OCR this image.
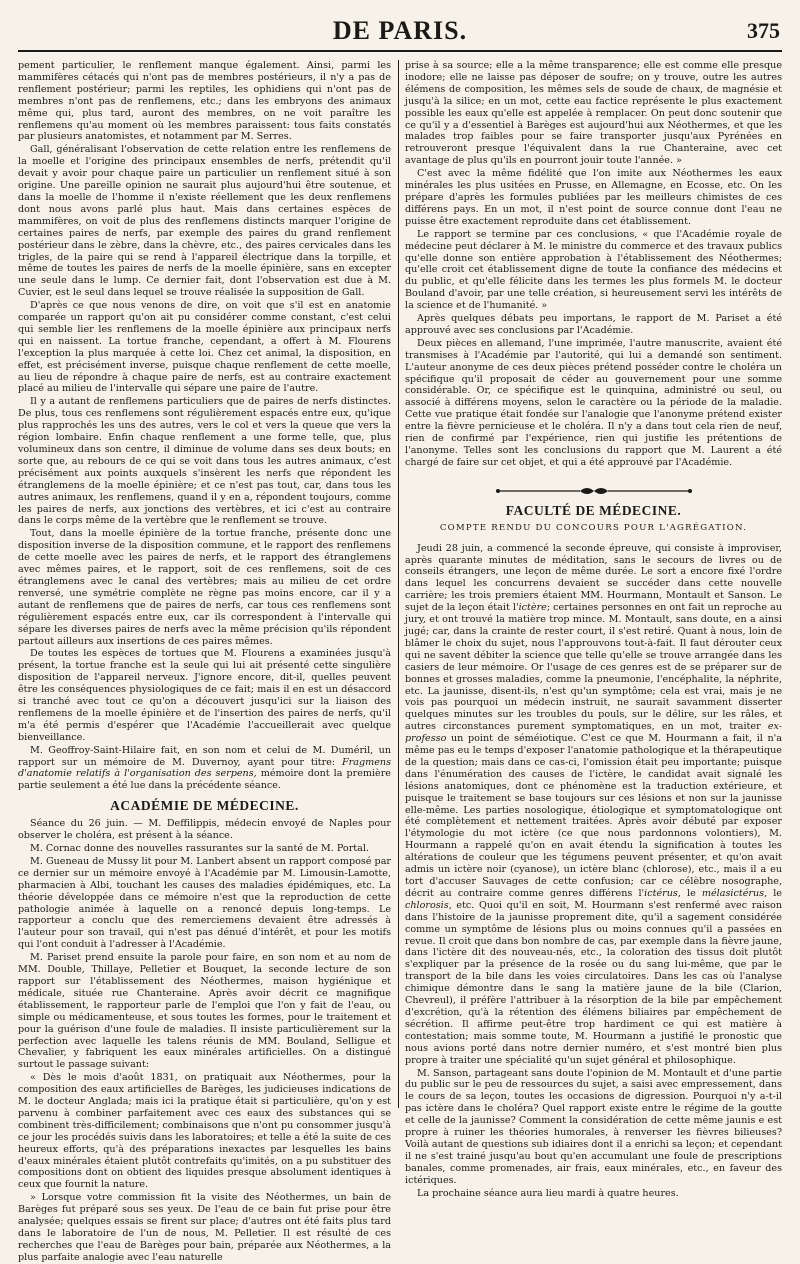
DE PARIS.	375

pement particulier, le renflement manque également. Ainsi, parmi les mammifères cétacés qui n'ont pas de membres postérieurs, il n'y a pas de renflement postérieur; parmi les reptiles, les ophidiens qui n'ont pas de membres n'ont pas de renflemens, etc.; dans les embryons des animaux même qui, plus tard, auront des membres, on ne voit paraître les renflemens qu'au moment où les membres paraissent: tous faits constatés par plusieurs anatomistes, et notamment par M. Serres.

Gall, généralisant l'observation de cette relation entre les renflemens de la moelle et l'origine des principaux ensembles de nerfs, prétendit qu'il devait y avoir pour chaque paire un particulier un renflement situé à son origine. Une pareille opinion ne saurait plus aujourd'hui être soutenue, et dans la moelle de l'homme il n'existe réellement que les deux renflemens dont nous avons parlé plus haut. Mais dans certaines espèces de mammifères, on voit de plus des renflemens distincts marquer l'origine de certaines paires de nerfs, par exemple des paires du grand renflement postérieur dans le zèbre, dans la chèvre, etc., des paires cervicales dans les trigles, de la paire qui se rend à l'appareil électrique dans la torpille, et même de toutes les paires de nerfs de la moelle épinière, sans en excepter une seule dans le lump. Ce dernier fait, dont l'observation est due à M. Cuvier, est le seul dans lequel se trouve réalisée la supposition de Gall.

D'après ce que nous venons de dire, on voit que s'il est en anatomie comparée un rapport qu'on ait pu considérer comme constant, c'est celui qui semble lier les renflemens de la moelle épinière aux principaux nerfs qui en naissent. La tortue franche, cependant, a offert à M. Flourens l'exception la plus marquée à cette loi. Chez cet animal, la disposition, en effet, est précisément inverse, puisque chaque renflement de cette moelle, au lieu de répondre à chaque paire de nerfs, est au contraire exactement placé au milieu de l'intervalle qui sépare une paire de l'autre.

Il y a autant de renflemens particuliers que de paires de nerfs distinctes. De plus, tous ces renflemens sont régulièrement espacés entre eux, qu'ique plus rapprochés les uns des autres, vers le col et vers la queue que vers la région lombaire. Enfin chaque renflement a une forme telle, que, plus volumineux dans son centre, il diminue de volume dans ses deux bouts; en sorte que, au rebours de ce qui se voit dans tous les autres animaux, c'est précisément aux points auxquels s'insèrent les nerfs que répondent les étranglemens de la moelle épinière; et ce n'est pas tout, car, dans tous les autres animaux, les renflemens, quand il y en a, répondent toujours, comme les paires de nerfs, aux jonctions des vertèbres, et ici c'est au contraire dans le corps même de la vertèbre que le renflement se trouve.

Tout, dans la moelle épinière de la tortue franche, présente donc une disposition inverse de la disposition commune, et le rapport des renflemens de cette moelle avec les paires de nerfs, et le rapport des étranglemens avec mêmes paires, et le rapport, soit de ces renflemens, soit de ces étranglemens avec le canal des vertèbres; mais au milieu de cet ordre renversé, une symétrie complète ne règne pas moins encore, car il y a autant de renflemens que de paires de nerfs, car tous ces renflemens sont régulièrement espacés entre eux, car ils correspondent à l'intervalle qui sépare les diverses paires de nerfs avec la même précision qu'ils répondent partout ailleurs aux insertions de ces paires mêmes.

De toutes les espèces de tortues que M. Flourens a examinées jusqu'à présent, la tortue franche est la seule qui lui ait présenté cette singulière disposition de l'appareil nerveux. J'ignore encore, dit-il, quelles peuvent être les conséquences physiologiques de ce fait; mais il en est un désaccord si tranché avec tout ce qu'on a découvert jusqu'ici sur la liaison des renflemens de la moelle épinière et de l'insertion des paires de nerfs, qu'il m'a été permis d'espérer que l'Académie l'accueillerait avec quelque bienveillance.

M. Geoffroy-Saint-Hilaire fait, en son nom et celui de M. Duméril, un rapport sur un mémoire de M. Duvernoy, ayant pour titre: Fragmens d'anatomie relatifs à l'organisation des serpens, mémoire dont la première partie seulement a été lue dans la précédente séance.

ACADÉMIE DE MÉDECINE.

Séance du 26 juin. — M. Deffilippis, médecin envoyé de Naples pour observer le choléra, est présent à la séance.

M. Cornac donne des nouvelles rassurantes sur la santé de M. Portal.

M. Gueneau de Mussy lit pour M. Lanbert absent un rapport composé par ce dernier sur un mémoire envoyé à l'Académie par M. Limousin-Lamotte, pharmacien à Albi, touchant les causes des maladies épidémiques, etc. La théorie développée dans ce mémoire n'est que la reproduction de cette pathologie animée à laquelle on a renoncé depuis long-temps. Le rapporteur a conclu que des remerciemens devaient être adressés à l'auteur pour son travail, qui n'est pas dénué d'intérêt, et pour les motifs qui l'ont conduit à l'adresser à l'Académie.

M. Pariset prend ensuite la parole pour faire, en son nom et au nom de MM. Double, Thillaye, Pelletier et Bouquet, la seconde lecture de son rapport sur l'établissement des Néothermes, maison hygiénique et médicale, située rue Chanteraine. Après avoir décrit ce magnifique établissement, le rapporteur parle de l'emploi que l'on y fait de l'eau, ou simple ou médicamenteuse, et sous toutes les formes, pour le traitement et pour la guérison d'une foule de maladies. Il insiste particulièrement sur la perfection avec laquelle les talens réunis de MM. Bouland, Selligue et Chevalier, y fabriquent les eaux minérales artificielles. On a distingué surtout le passage suivant:

« Dès le mois d'août 1831, on pratiquait aux Néothermes, pour la composition des eaux artificielles de Barèges, les judicieuses indications de M. le docteur Anglada; mais ici la pratique était si particulière, qu'on y est parvenu à combiner parfaitement avec ces eaux des substances qui se combinent très-difficilement; combinaisons que n'ont pu consommer jusqu'à ce jour les procédés suivis dans les laboratoires; et telle a été la suite de ces heureux efforts, qu'à des préparations inexactes par lesquelles les bains d'eaux minérales étaient plutôt contrefaits qu'imités, on a pu substituer des compositions dont on obtient des liquides presque absolument identiques à ceux que fournit la nature.

» Lorsque votre commission fit la visite des Néothermes, un bain de Barèges fut préparé sous ses yeux. De l'eau de ce bain fut prise pour être analysée; quelques essais se firent sur place; d'autres ont été faits plus tard dans le laboratoire de l'un de nous, M. Pelletier. Il est résulté de ces recherches que l'eau de Barèges pour bain, préparée aux Néothermes, a la plus parfaite analogie avec l'eau naturelle

prise à sa source; elle a la même transparence; elle est comme elle presque inodore; elle ne laisse pas déposer de soufre; on y trouve, outre les autres élémens de composition, les mêmes sels de soude de chaux, de magnésie et jusqu'à la silice; en un mot, cette eau factice représente le plus exactement possible les eaux qu'elle est appelée à remplacer. On peut donc soutenir que ce qu'il y a d'essentiel à Barèges est aujourd'hui aux Néothermes, et que les malades trop faibles pour se faire transporter jusqu'aux Pyrénées en retrouveront presque l'équivalent dans la rue Chanteraine, avec cet avantage de plus qu'ils en pourront jouir toute l'année. »

C'est avec la même fidélité que l'on imite aux Néothermes les eaux minérales les plus usitées en Prusse, en Allemagne, en Ecosse, etc. On les prépare d'après les formules publiées par les meilleurs chimistes de ces différens pays. En un mot, il n'est point de source connue dont l'eau ne puisse être exactement reproduite dans cet établissement.

Le rapport se termine par ces conclusions, « que l'Académie royale de médecine peut déclarer à M. le ministre du commerce et des travaux publics qu'elle donne son entière approbation à l'établissement des Néothermes; qu'elle croit cet établissement digne de toute la confiance des médecins et du public, et qu'elle félicite dans les termes les plus formels M. le docteur Bouland d'avoir, par une telle création, si heureusement servi les intérêts de la science et de l'humanité. »

Après quelques débats peu importans, le rapport de M. Pariset a été approuvé avec ses conclusions par l'Académie.

Deux pièces en allemand, l'une imprimée, l'autre manuscrite, avaient été transmises à l'Académie par l'autorité, qui lui a demandé son sentiment. L'auteur anonyme de ces deux pièces prétend posséder contre le choléra un spécifique qu'il proposait de céder au gouvernement pour une somme considérable. Or, ce spécifique est le quinquina, administré ou seul, ou associé à différens moyens, selon le caractère ou la période de la maladie. Cette vue pratique était fondée sur l'analogie que l'anonyme prétend exister entre la fièvre pernicieuse et le choléra. Il n'y a dans tout cela rien de neuf, rien de confirmé par l'expérience, rien qui justifie les prétentions de l'anonyme. Telles sont les conclusions du rapport que M. Laurent a été chargé de faire sur cet objet, et qui a été approuvé par l'Académie.

FACULTÉ DE MÉDECINE.
COMPTE RENDU DU CONCOURS POUR L'AGRÉGATION.

Jeudi 28 juin, a commencé la seconde épreuve, qui consiste à improviser, après quarante minutes de méditation, sans le secours de livres ou de conseils étrangers, une leçon de même durée. Le sort a encore fixé l'ordre dans lequel les concurrens devaient se succéder dans cette nouvelle carrière; les trois premiers étaient MM. Hourmann, Montault et Sanson. Le sujet de la leçon était l'ictère; certaines personnes en ont fait un reproche au jury, et ont trouvé la matière trop mince. M. Montault, sans doute, en a ainsi jugé; car, dans la crainte de rester court, il s'est retiré. Quant à nous, loin de blâmer le choix du sujet, nous l'approuvons tout-à-fait. Il faut dérouter ceux qui ne savent débiter la science que telle qu'elle se trouve arrangée dans les casiers de leur mémoire. Or l'usage de ces genres est de se préparer sur de bonnes et grosses maladies, comme la pneumonie, l'encéphalite, la néphrite, etc. La jaunisse, disent-ils, n'est qu'un symptôme; cela est vrai, mais je ne vois pas pourquoi un médecin instruit, ne saurait savamment disserter quelques minutes sur les troubles du pouls, sur le délire, sur les râles, et autres circonstances purement symptomatiques, en un mot, traiter ex-professo un point de séméiotique. C'est ce que M. Hourmann a fait, il n'a même pas eu le temps d'exposer l'anatomie pathologique et la thérapeutique de la question; mais dans ce cas-ci, l'omission était peu importante; puisque dans l'énumération des causes de l'ictère, le candidat avait signalé les lésions anatomiques, dont ce phénomène est la traduction extérieure, et puisque le traitement se base toujours sur ces lésions et non sur la jaunisse elle-même. Les parties nosologique, étiologique et symptomatologique ont été complètement et nettement traitées. Après avoir débuté par exposer l'étymologie du mot ictère (ce que nous pardonnons volontiers), M. Hourmann a rappelé qu'on en avait étendu la signification à toutes les altérations de couleur que les tégumens peuvent présenter, et qu'on avait admis un ictère noir (cyanose), un ictère blanc (chlorose), etc., mais il a eu tort d'accuser Sauvages de cette confusion; car ce célèbre nosographe, décrit au contraire comme genres différens l'ictérus, le mélasictérus, le chlorosis, etc. Quoi qu'il en soit, M. Hourmann s'est renfermé avec raison dans l'histoire de la jaunisse proprement dite, qu'il a sagement considérée comme un symptôme de lésions plus ou moins connues qu'il a passées en revue. Il croit que dans bon nombre de cas, par exemple dans la fièvre jaune, dans l'ictère dit des nouveau-nés, etc., la coloration des tissus doit plutôt s'expliquer par la présence de la rosée ou du sang lui-même, que par le transport de la bile dans les voies circulatoires. Dans les cas où l'analyse chimique démontre dans le sang la matière jaune de la bile (Clarion, Chevreul), il préfère l'attribuer à la résorption de la bile par empêchement d'excrétion, qu'à la rétention des élémens biliaires par empêchement de sécrétion. Il affirme peut-être trop hardiment ce qui est matière à contestation; mais somme toute, M. Hourmann a justifié le pronostic que nous avions porté dans notre dernier numéro, et s'est montré bien plus propre à traiter une spécialité qu'un sujet général et philosophique.

M. Sanson, partageant sans doute l'opinion de M. Montault et d'une partie du public sur le peu de ressources du sujet, a saisi avec empressement, dans le cours de sa leçon, toutes les occasions de digression. Pourquoi n'y a-t-il pas ictère dans le choléra? Quel rapport existe entre le régime de la goutte et celle de la jaunisse? Comment la considération de cette même jaunis e est propre à ruiner les théories humorales, à renverser les fièvres bilieuses? Voilà autant de questions sub idiaires dont il a enrichi sa leçon; et cependant il ne s'est trainé jusqu'au bout qu'en accumulant une foule de prescriptions banales, comme promenades, air frais, eaux minérales, etc., en faveur des ictériques.

La prochaine séance aura lieu mardi à quatre heures.
